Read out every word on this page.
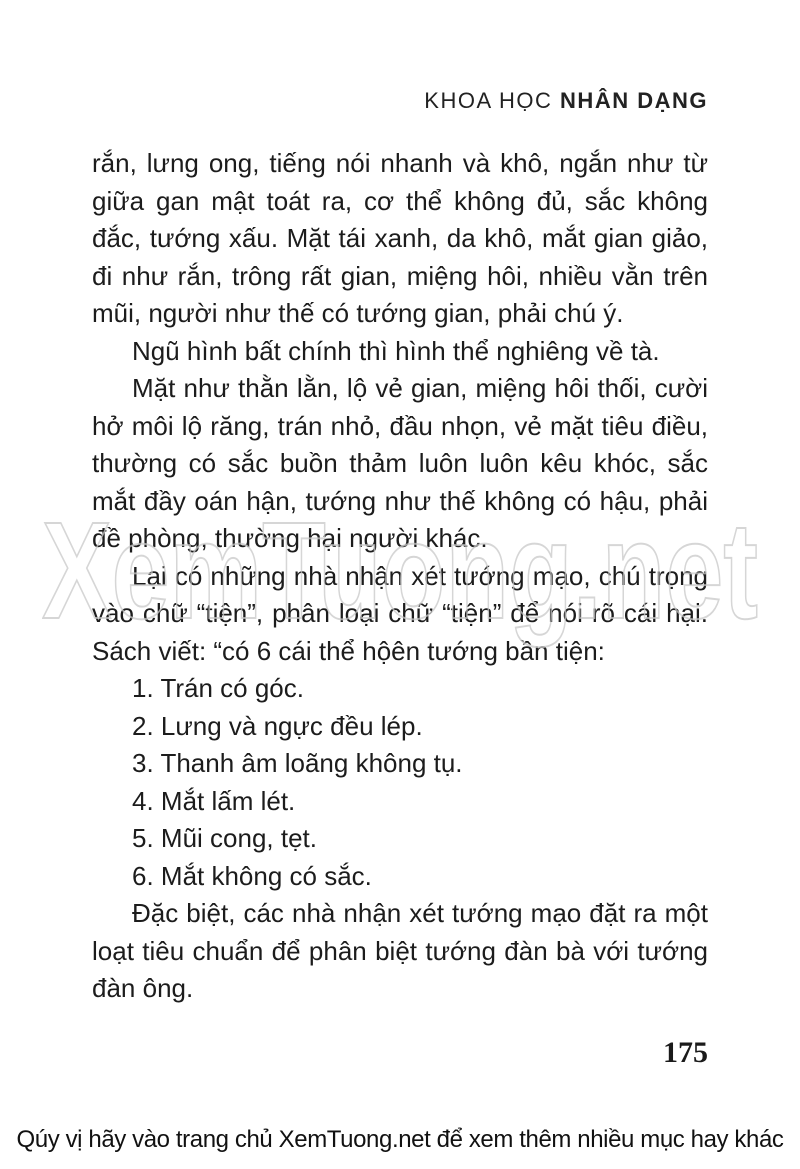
KHOA HỌC NHÂN DẠNG

rắn, lưng ong, tiếng nói nhanh và khô, ngắn như từ giữa gan mật toát ra, cơ thể không đủ, sắc không đắc, tướng xấu. Mặt tái xanh, da khô, mắt gian giảo, đi như rắn, trông rất gian, miệng hôi, nhiều vằn trên mũi, người như thế có tướng gian, phải chú ý.

Ngũ hình bất chính thì hình thể nghiêng về tà.

Mặt như thằn lằn, lộ vẻ gian, miệng hôi thối, cười hở môi lộ răng, trán nhỏ, đầu nhọn, vẻ mặt tiêu điều, thường có sắc buồn thảm luôn luôn kêu khóc, sắc mắt đầy oán hận, tướng như thế không có hậu, phải đề phòng, thường hại người khác.

Lại có những nhà nhận xét tướng mạo, chú trọng vào chữ “tiện”, phân loại chữ “tiện” để nói rõ cái hại. Sách viết: “có 6 cái thể hộên tướng bần tiện:

1. Trán có góc.
2. Lưng và ngực đều lép.
3. Thanh âm loãng không tụ.
4. Mắt lấm lét.
5. Mũi cong, tẹt.
6. Mắt không có sắc.

Đặc biệt, các nhà nhận xét tướng mạo đặt ra một loạt tiêu chuẩn để phân biệt tướng đàn bà với tướng đàn ông.

XemTuong.net
175
Qúy vị hãy vào trang chủ XemTuong.net để xem thêm nhiều mục hay khác
